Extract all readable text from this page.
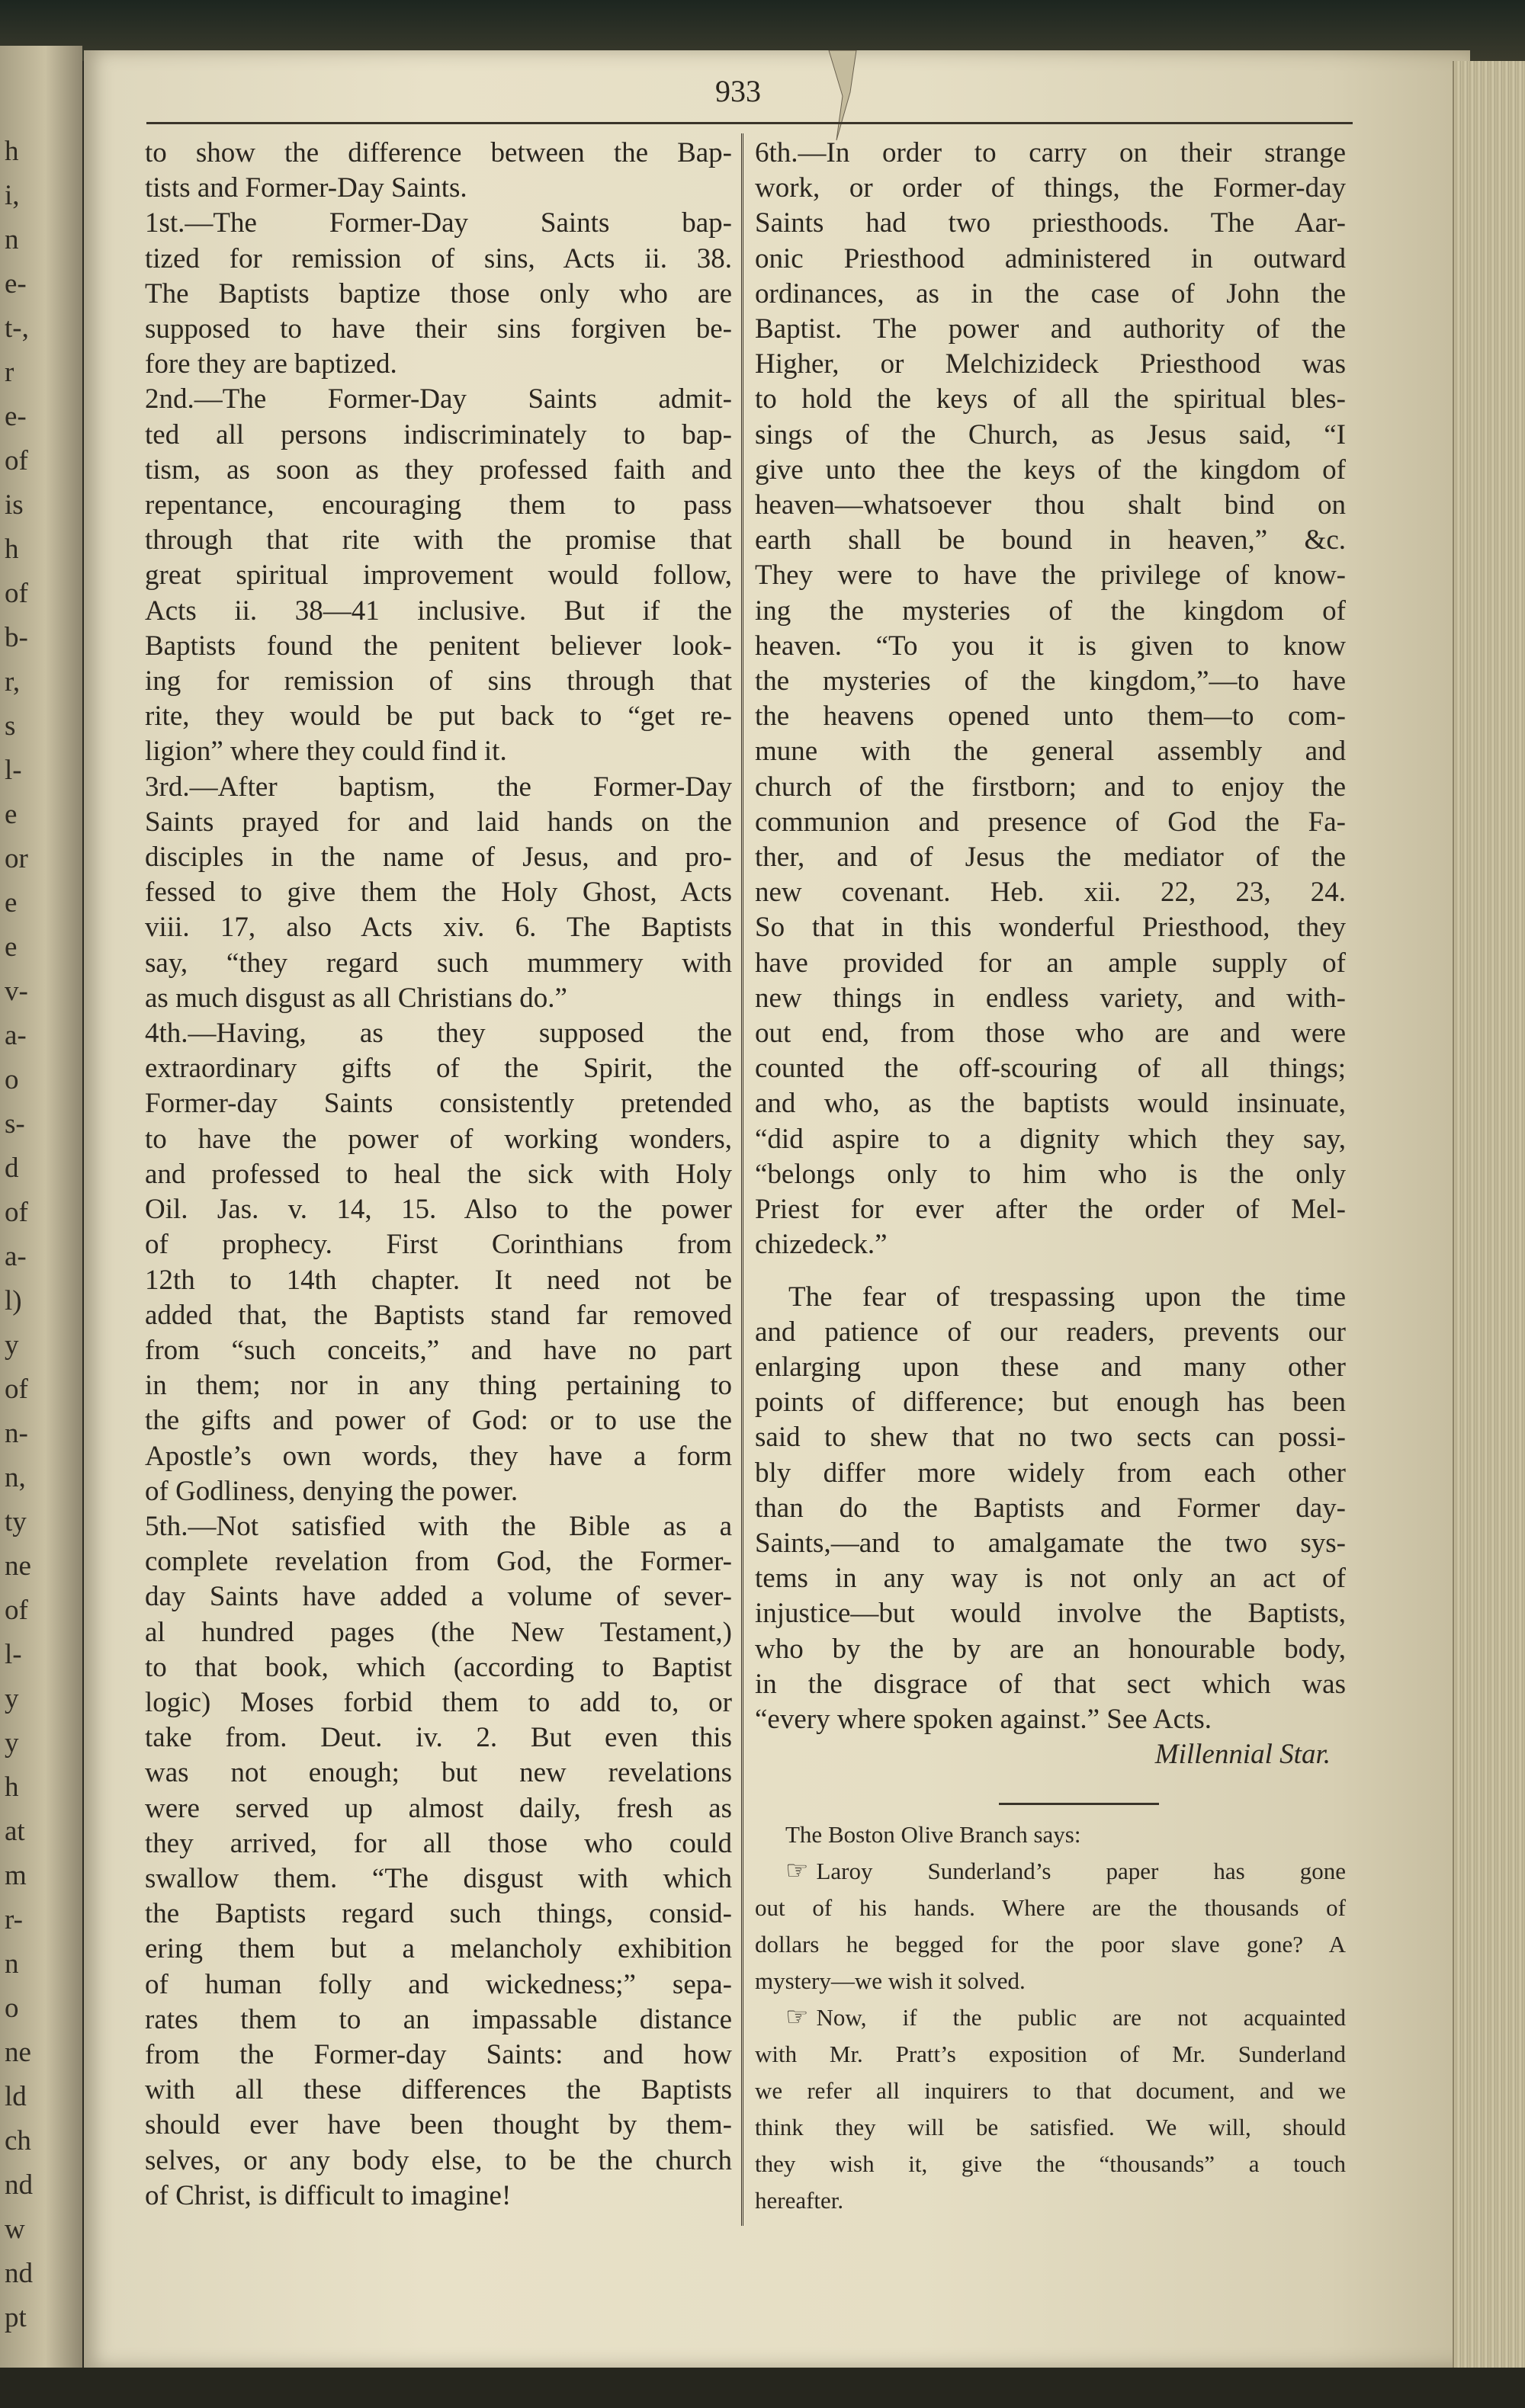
h
i,
n
e-
t-,
r
e-
of
is
h
of
b-
r,
s
l-
e
or
e
e
v-
a-
o
s-
d
of
a-
l)
y
of
n-
n,
ty
ne
of
l-
y
y
h
at
m
r-
n
o
ne
ld
ch
nd
w
nd
pt
933
to show the difference between the Bap-
tists and Former-Day Saints.
1st.—The Former-Day Saints bap-
tized for remission of sins, Acts ii. 38.
The Baptists baptize those only who are
supposed to have their sins forgiven be-
fore they are baptized.
2nd.—The Former-Day Saints admit-
ted all persons indiscriminately to bap-
tism, as soon as they professed faith and
repentance, encouraging them to pass
through that rite with the promise that
great spiritual improvement would follow,
Acts ii. 38—41 inclusive. But if the
Baptists found the penitent believer look-
ing for remission of sins through that
rite, they would be put back to “get re-
ligion” where they could find it.
3rd.—After baptism, the Former-Day
Saints prayed for and laid hands on the
disciples in the name of Jesus, and pro-
fessed to give them the Holy Ghost, Acts
viii. 17, also Acts xiv. 6. The Baptists
say, “they regard such mummery with
as much disgust as all Christians do.”
4th.—Having, as they supposed the
extraordinary gifts of the Spirit, the
Former-day Saints consistently pretended
to have the power of working wonders,
and professed to heal the sick with Holy
Oil. Jas. v. 14, 15. Also to the power
of prophecy. First Corinthians from
12th to 14th chapter. It need not be
added that, the Baptists stand far removed
from “such conceits,” and have no part
in them; nor in any thing pertaining to
the gifts and power of God: or to use the
Apostle’s own words, they have a form
of Godliness, denying the power.
5th.—Not satisfied with the Bible as a
complete revelation from God, the Former-
day Saints have added a volume of sever-
al hundred pages (the New Testament,)
to that book, which (according to Baptist
logic) Moses forbid them to add to, or
take from. Deut. iv. 2. But even this
was not enough; but new revelations
were served up almost daily, fresh as
they arrived, for all those who could
swallow them. “The disgust with which
the Baptists regard such things, consid-
ering them but a melancholy exhibition
of human folly and wickedness;” sepa-
rates them to an impassable distance
from the Former-day Saints: and how
with all these differences the Baptists
should ever have been thought by them-
selves, or any body else, to be the church
of Christ, is difficult to imagine!
6th.—In order to carry on their strange
work, or order of things, the Former-day
Saints had two priesthoods. The Aar-
onic Priesthood administered in outward
ordinances, as in the case of John the
Baptist. The power and authority of the
Higher, or Melchizideck Priesthood was
to hold the keys of all the spiritual bles-
sings of the Church, as Jesus said, “I
give unto thee the keys of the kingdom of
heaven—whatsoever thou shalt bind on
earth shall be bound in heaven,” &c.
They were to have the privilege of know-
ing the mysteries of the kingdom of
heaven. “To you it is given to know
the mysteries of the kingdom,”—to have
the heavens opened unto them—to com-
mune with the general assembly and
church of the firstborn; and to enjoy the
communion and presence of God the Fa-
ther, and of Jesus the mediator of the
new covenant. Heb. xii. 22, 23, 24.
So that in this wonderful Priesthood, they
have provided for an ample supply of
new things in endless variety, and with-
out end, from those who are and were
counted the off-scouring of all things;
and who, as the baptists would insinuate,
“did aspire to a dignity which they say,
“belongs only to him who is the only
Priest for ever after the order of Mel-
chizedeck.”
The fear of trespassing upon the time
and patience of our readers, prevents our
enlarging upon these and many other
points of difference; but enough has been
said to shew that no two sects can possi-
bly differ more widely from each other
than do the Baptists and Former day-
Saints,—and to amalgamate the two sys-
tems in any way is not only an act of
injustice—but would involve the Baptists,
who by the by are an honourable body,
in the disgrace of that sect which was
“every where spoken against.” See Acts.
Millennial Star.
The Boston Olive Branch says:
☞ Laroy Sunderland’s paper has gone
out of his hands. Where are the thousands of
dollars he begged for the poor slave gone? A
mystery—we wish it solved.
☞ Now, if the public are not acquainted
with Mr. Pratt’s exposition of Mr. Sunderland
we refer all inquirers to that document, and we
think they will be satisfied. We will, should
they wish it, give the “thousands” a touch
hereafter.
